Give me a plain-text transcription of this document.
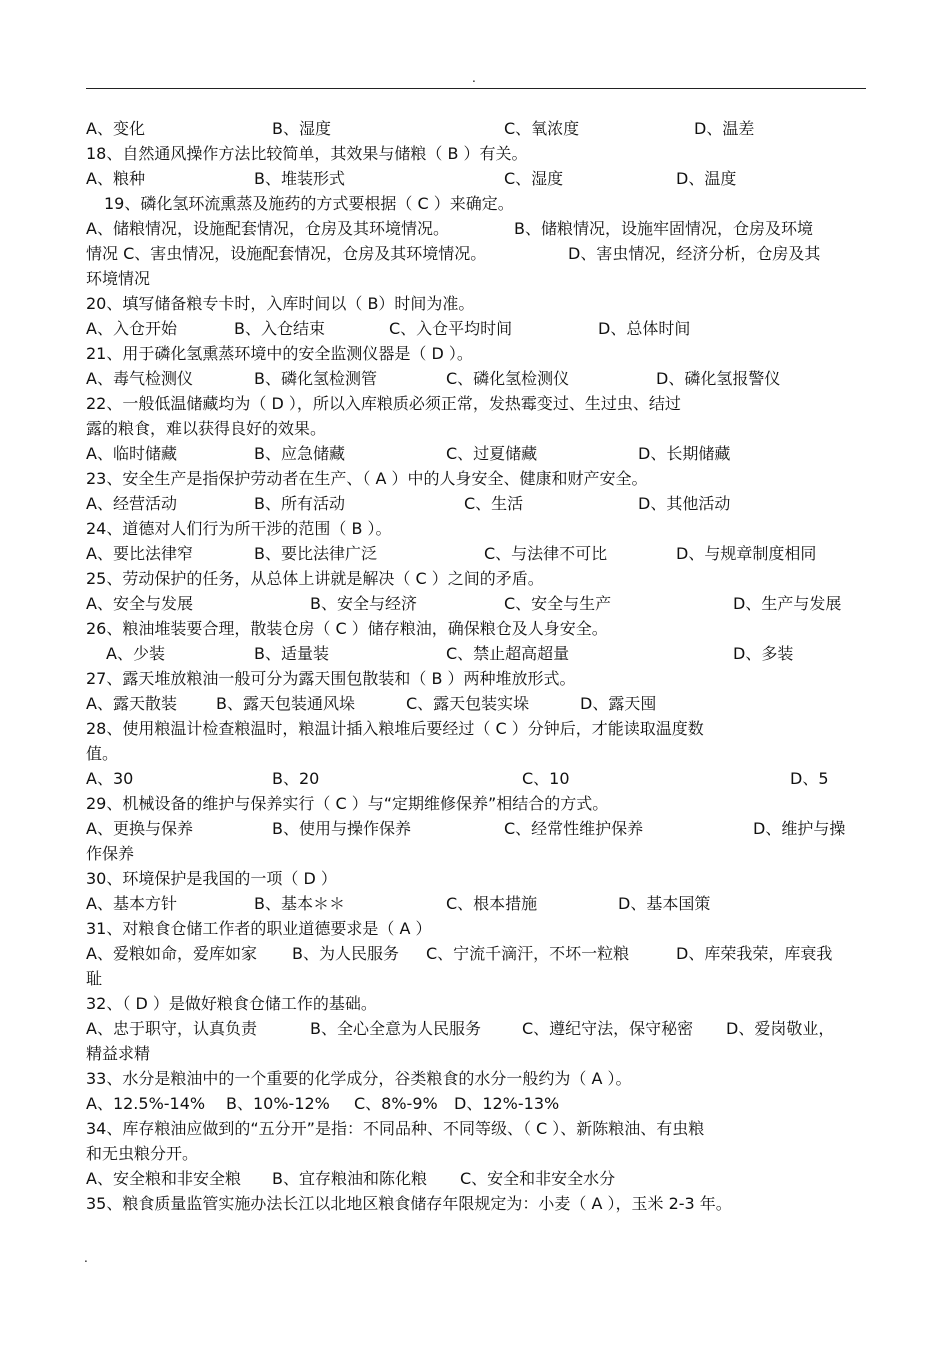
.
A、变化	B、湿度	C、氧浓度	D、温差
18、自然通风操作方法比较简单，其效果与储粮（ B ）有关。
A、粮种	B、堆装形式	C、湿度	D、温度
19、磷化氢环流熏蒸及施药的方式要根据（ C ）来确定。
A、储粮情况，设施配套情况，仓房及其环境情况。	B、储粮情况，设施牢固情况，仓房及环境
情况 C、害虫情况，设施配套情况，仓房及其环境情况。	D、害虫情况，经济分析，仓房及其
环境情况
20、填写储备粮专卡时，入库时间以（ B）时间为准。
A、入仓开始	B、入仓结束	C、入仓平均时间	D、总体时间
21、用于磷化氢熏蒸环境中的安全监测仪器是（ D ）。
A、毒气检测仪	B、磷化氢检测管	C、磷化氢检测仪	D、磷化氢报警仪
22、一般低温储藏均为（ D ），所以入库粮质必须正常，发热霉变过、生过虫、结过
露的粮食，难以获得良好的效果。
A、临时储藏	B、应急储藏	C、过夏储藏	D、长期储藏
23、安全生产是指保护劳动者在生产、（ A ）中的人身安全、健康和财产安全。
A、经营活动	B、所有活动	C、生活	D、其他活动
24、道德对人们行为所干涉的范围（ B ）。
A、要比法律窄	B、要比法律广泛	C、与法律不可比	D、与规章制度相同
25、劳动保护的任务，从总体上讲就是解决（ C ）之间的矛盾。
A、安全与发展	B、安全与经济	C、安全与生产	D、生产与发展
26、粮油堆装要合理，散装仓房（ C ）储存粮油，确保粮仓及人身安全。
A、少装	B、适量装	C、禁止超高超量	D、多装
27、露天堆放粮油一般可分为露天围包散装和（ B ）两种堆放形式。
A、露天散装 B、露天包装通风垛	C、露天包装实垛	D、露天囤
28、使用粮温计检查粮温时，粮温计插入粮堆后要经过（ C ）分钟后，才能读取温度数
值。
A、30	B、20	C、10	D、5
29、机械设备的维护与保养实行（ C ）与“定期维修保养”相结合的方式。
A、更换与保养	B、使用与操作保养	C、经常性维护保养	D、维护与操
作保养
30、环境保护是我国的一项（ D ）
A、基本方针	B、基本＊＊	C、根本措施	D、基本国策
31、对粮食仓储工作者的职业道德要求是（ A ）
A、爱粮如命，爱库如家 B、为人民服务 C、宁流千滴汗，不坏一粒粮	D、库荣我荣，库衰我
耻
32、（ D ）是做好粮食仓储工作的基础。
A、忠于职守，认真负责	B、全心全意为人民服务	C、遵纪守法，保守秘密 D、爱岗敬业，
精益求精
33、水分是粮油中的一个重要的化学成分，谷类粮食的水分一般约为（ A ）。
A、12.5%-14% B、10%-12% C、8%-9% D、12%-13%
34、库存粮油应做到的“五分开”是指：不同品种、不同等级、（ C ）、新陈粮油、有虫粮
和无虫粮分开。
A、安全粮和非安全粮 B、宜存粮油和陈化粮 C、安全和非安全水分
35、粮食质量监管实施办法长江以北地区粮食储存年限规定为：小麦（ A ），玉米 2-3 年。
.
